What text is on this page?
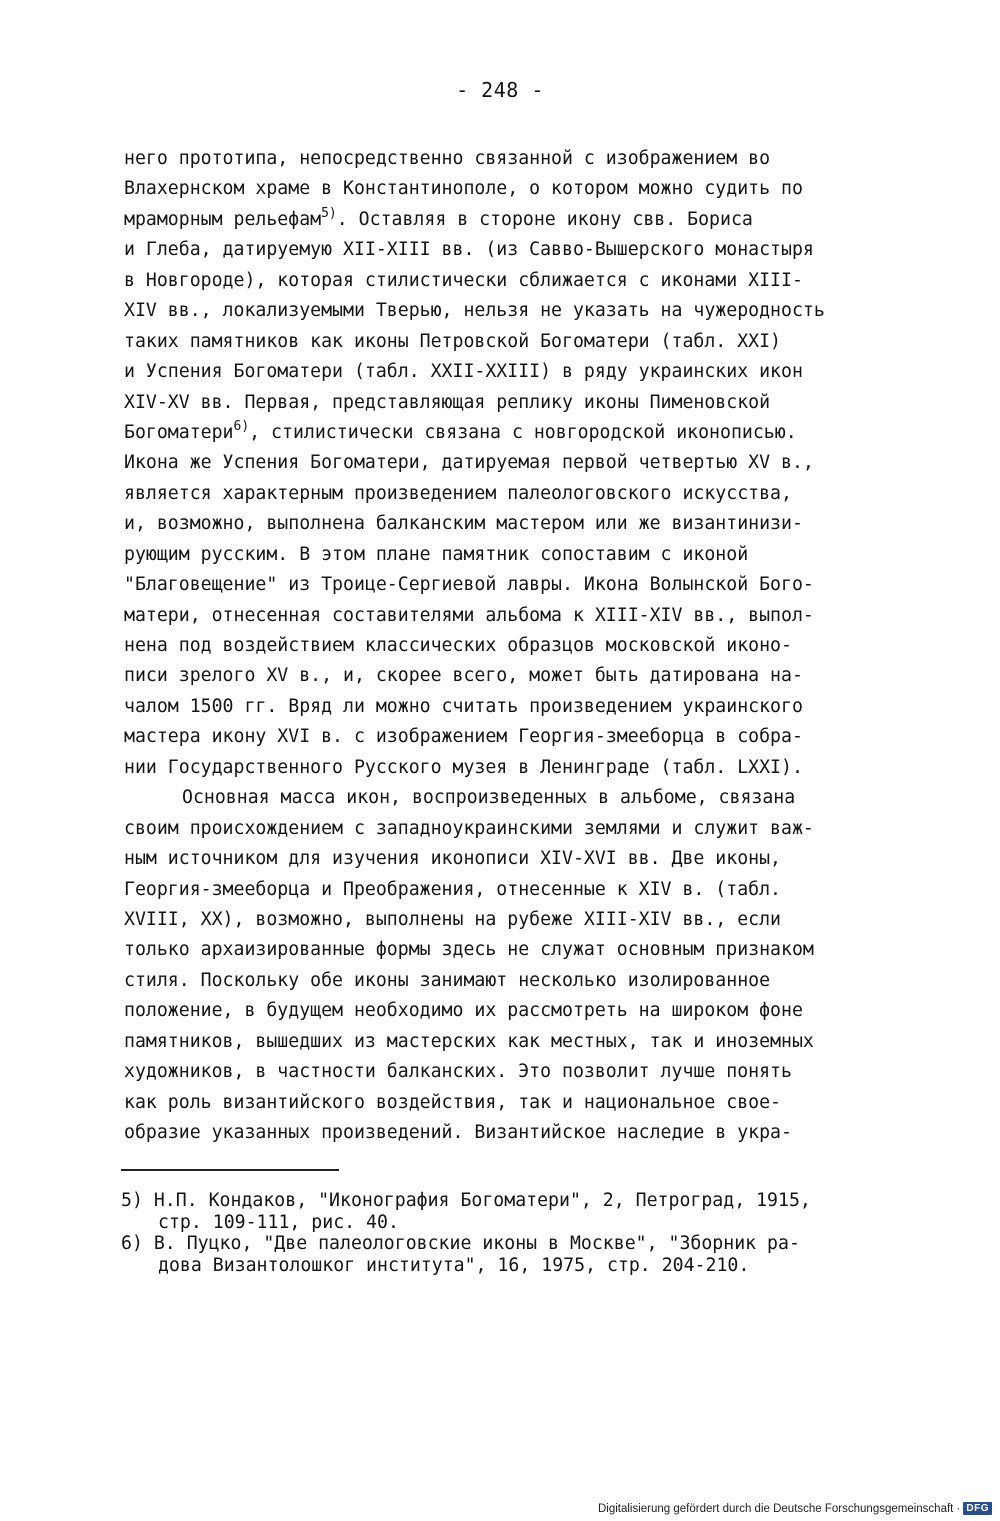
- 248 -
него прототипа, непосредственно связанной с изображением во
Влахернском храме в Константинополе, о котором можно судить по
мраморным рельефам$^{5)}$. Оставляя в стороне икону свв. Бориса
и Глеба, датируемую XII-XIII вв. (из Савво-Вышерского монастыря
в Новгороде), которая стилистически сближается с иконами XIII-
XIV вв., локализуемыми Тверью, нельзя не указать на чужеродность
таких памятников как иконы Петровской Богоматери (табл. XXI)
и Успения Богоматери (табл. XXII-XXIII) в ряду украинских икон
XIV-XV вв. Первая, представляющая реплику иконы Пименовской
Богоматери$^{6)}$, стилистически связана с новгородской иконописью.
Икона же Успения Богоматери, датируемая первой четвертью XV в.,
является характерным произведением палеологовского искусства,
и, возможно, выполнена балканским мастером или же византинизи-
рующим русским. В этом плане памятник сопоставим с иконой
"Благовещение" из Троице-Сергиевой лавры. Икона Волынской Бого-
матери, отнесенная составителями альбома к XIII-XIV вв., выпол-
нена под воздействием классических образцов московской иконо-
писи зрелого XV в., и, скорее всего, может быть датирована на-
чалом 1500 гг. Вряд ли можно считать произведением украинского
мастера икону XVI в. с изображением Георгия-змееборца в собра-
нии Государственного Русского музея в Ленинграде (табл. LXXI).
Основная масса икон, воспроизведенных в альбоме, связана
своим происхождением с западноукраинскими землями и служит важ-
ным источником для изучения иконописи XIV-XVI вв. Две иконы,
Георгия-змееборца и Преображения, отнесенные к XIV в. (табл.
XVIII, XX), возможно, выполнены на рубеже XIII-XIV вв., если
только архаизированные формы здесь не служат основным признаком
стиля. Поскольку обе иконы занимают несколько изолированное
положение, в будущем необходимо их рассмотреть на широком фоне
памятников, вышедших из мастерских как местных, так и иноземных
художников, в частности балканских. Это позволит лучше понять
как роль византийского воздействия, так и национальное свое-
образие указанных произведений. Византийское наследие в укра-
5) Н.П. Кондаков, "Иконография Богоматери", 2, Петроград, 1915,
стр. 109-111, рис. 40.
6) В. Пуцко, "Две палеологовские иконы в Москве", "Зборник ра-
дова Византолошког института", 16, 1975, стр. 204-210.
Digitalisierung gefördert durch die Deutsche Forschungsgemeinschaft · DFG
